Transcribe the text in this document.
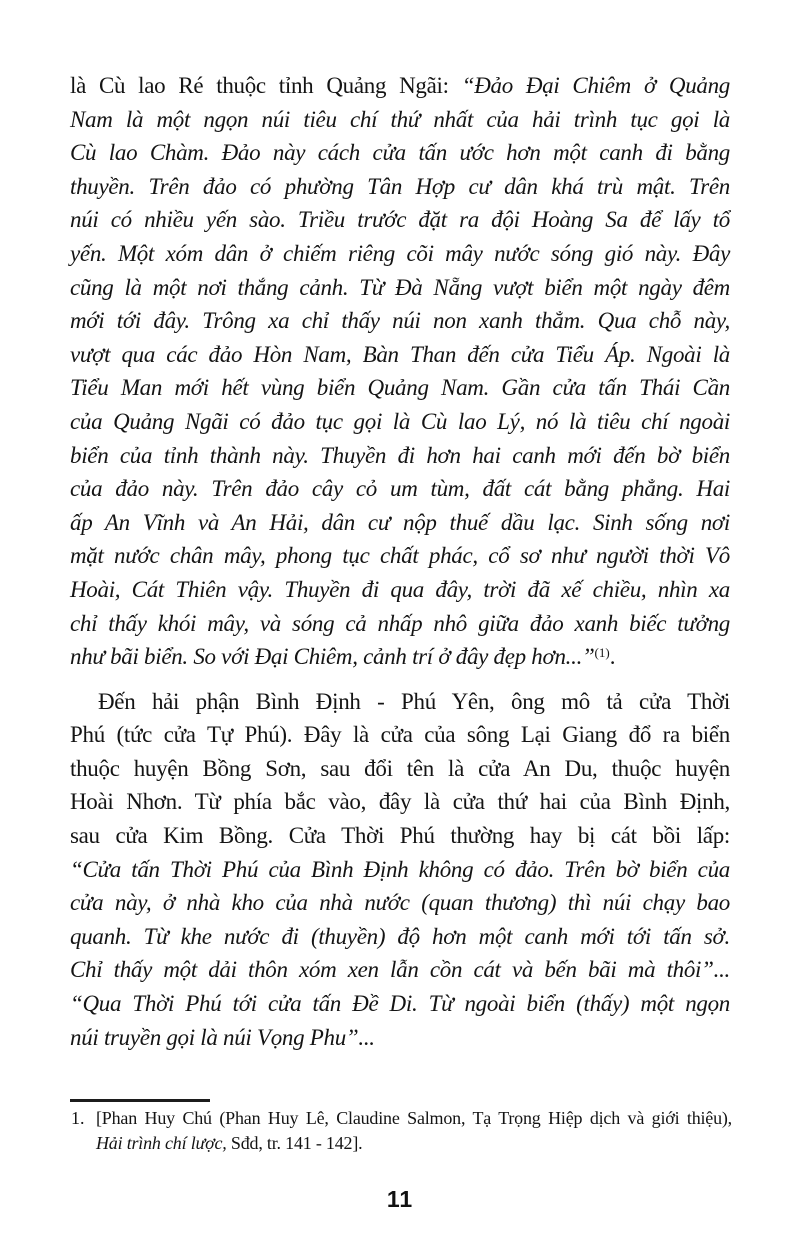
là Cù lao Ré thuộc tỉnh Quảng Ngãi: “Đảo Đại Chiêm ở Quảng
Nam là một ngọn núi tiêu chí thứ nhất của hải trình tục gọi là
Cù lao Chàm. Đảo này cách cửa tấn ước hơn một canh đi bằng
thuyền. Trên đảo có phường Tân Hợp cư dân khá trù mật. Trên
núi có nhiều yến sào. Triều trước đặt ra đội Hoàng Sa để lấy tổ
yến. Một xóm dân ở chiếm riêng cõi mây nước sóng gió này. Đây
cũng là một nơi thắng cảnh. Từ Đà Nẵng vượt biển một ngày đêm
mới tới đây. Trông xa chỉ thấy núi non xanh thẳm. Qua chỗ này,
vượt qua các đảo Hòn Nam, Bàn Than đến cửa Tiểu Áp. Ngoài là
Tiểu Man mới hết vùng biển Quảng Nam. Gần cửa tấn Thái Cần
của Quảng Ngãi có đảo tục gọi là Cù lao Lý, nó là tiêu chí ngoài
biển của tỉnh thành này. Thuyền đi hơn hai canh mới đến bờ biển
của đảo này. Trên đảo cây cỏ um tùm, đất cát bằng phẳng. Hai
ấp An Vĩnh và An Hải, dân cư nộp thuế dầu lạc. Sinh sống nơi
mặt nước chân mây, phong tục chất phác, cổ sơ như người thời Vô
Hoài, Cát Thiên vậy. Thuyền đi qua đây, trời đã xế chiều, nhìn xa
chỉ thấy khói mây, và sóng cả nhấp nhô giữa đảo xanh biếc tưởng
như bãi biển. So với Đại Chiêm, cảnh trí ở đây đẹp hơn...”$^{(1)}$.
Đến hải phận Bình Định - Phú Yên, ông mô tả cửa Thời
Phú (tức cửa Tự Phú). Đây là cửa của sông Lại Giang đổ ra biển
thuộc huyện Bồng Sơn, sau đổi tên là cửa An Du, thuộc huyện
Hoài Nhơn. Từ phía bắc vào, đây là cửa thứ hai của Bình Định,
sau cửa Kim Bồng. Cửa Thời Phú thường hay bị cát bồi lấp:
“Cửa tấn Thời Phú của Bình Định không có đảo. Trên bờ biển của
cửa này, ở nhà kho của nhà nước (quan thương) thì núi chạy bao
quanh. Từ khe nước đi (thuyền) độ hơn một canh mới tới tấn sở.
Chỉ thấy một dải thôn xóm xen lẫn cồn cát và bến bãi mà thôi”...
“Qua Thời Phú tới cửa tấn Đề Di. Từ ngoài biển (thấy) một ngọn
núi truyền gọi là núi Vọng Phu”...
1. [Phan Huy Chú (Phan Huy Lê, Claudine Salmon, Tạ Trọng Hiệp dịch và giới thiệu),
Hải trình chí lược, Sđd, tr. 141 - 142].
11
